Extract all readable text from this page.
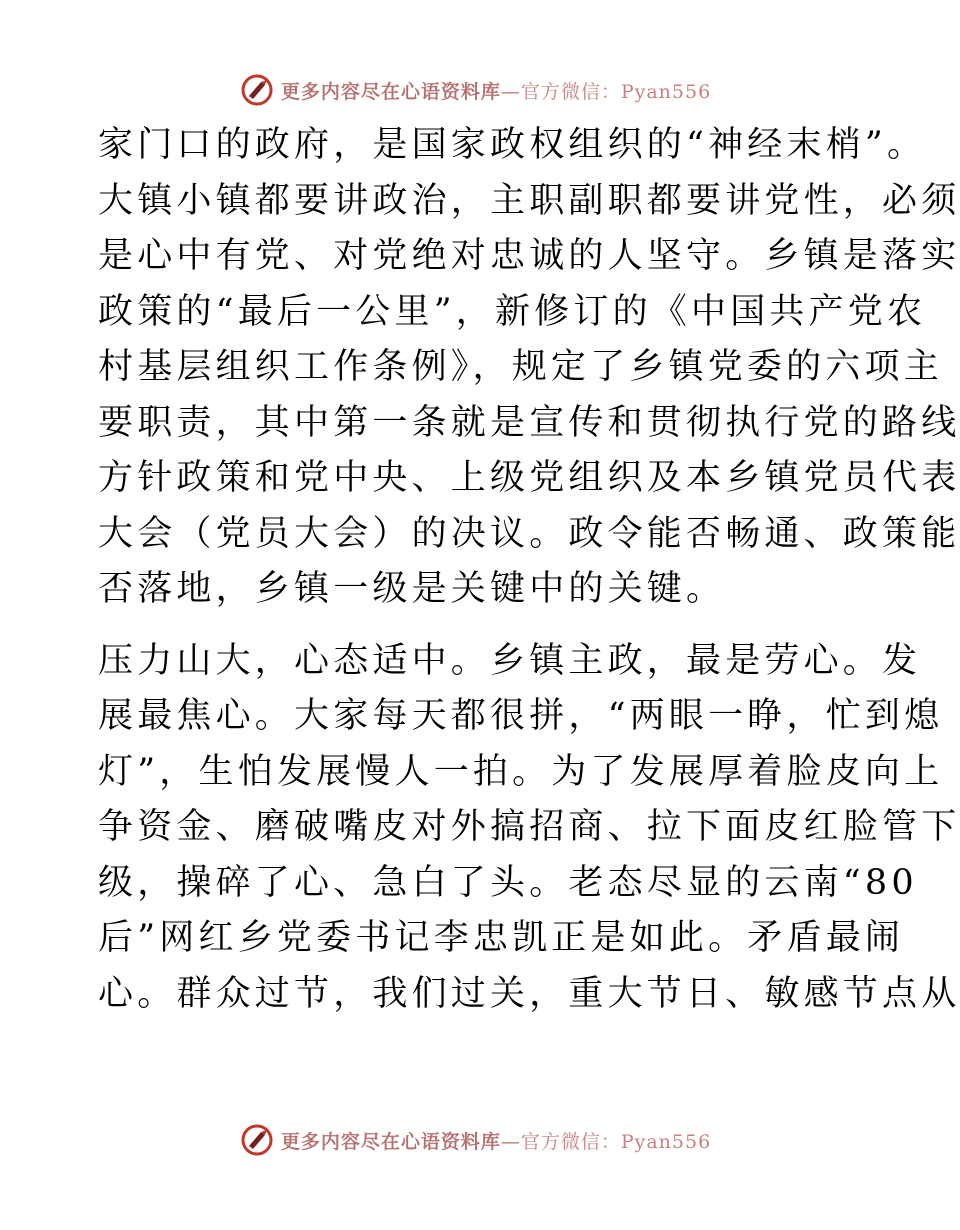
更多内容尽在心语资料库—官方微信：Pyan556

家门口的政府，是国家政权组织的“神经末梢”。
大镇小镇都要讲政治，主职副职都要讲党性，必须
是心中有党、对党绝对忠诚的人坚守。乡镇是落实
政策的“最后一公里”，新修订的《中国共产党农
村基层组织工作条例》，规定了乡镇党委的六项主
要职责，其中第一条就是宣传和贯彻执行党的路线
方针政策和党中央、上级党组织及本乡镇党员代表
大会（党员大会）的决议。政令能否畅通、政策能
否落地，乡镇一级是关键中的关键。

压力山大，心态适中。乡镇主政，最是劳心。发
展最焦心。大家每天都很拼，“两眼一睁，忙到熄
灯”，生怕发展慢人一拍。为了发展厚着脸皮向上
争资金、磨破嘴皮对外搞招商、拉下面皮红脸管下
级，操碎了心、急白了头。老态尽显的云南“80
后”网红乡党委书记李忠凯正是如此。矛盾最闹
心。群众过节，我们过关，重大节日、敏感节点从

更多内容尽在心语资料库—官方微信：Pyan556
